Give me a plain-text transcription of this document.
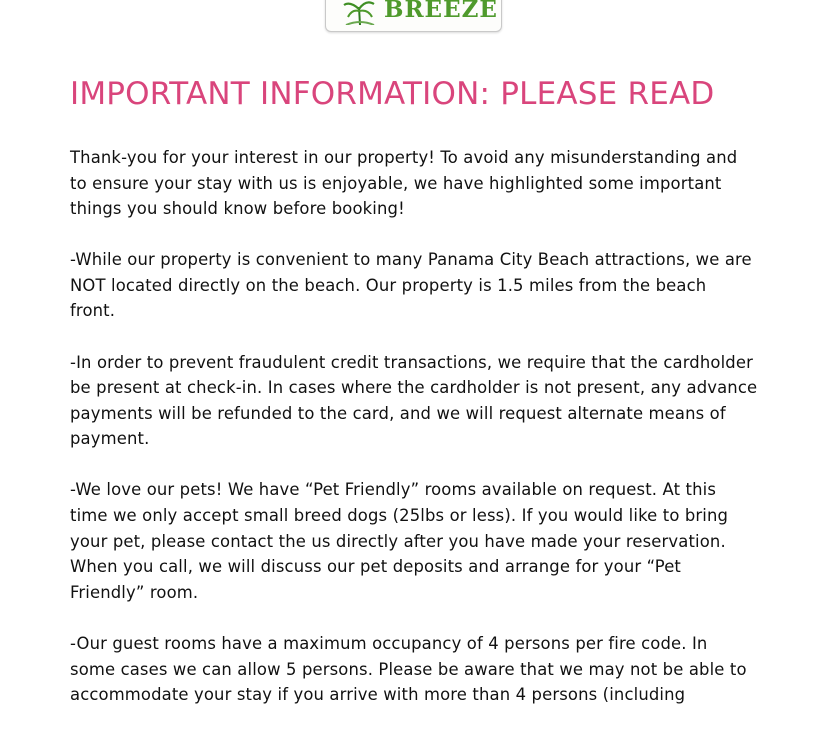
BREEZE
IMPORTANT INFORMATION: PLEASE READ

Thank-you for your interest in our property! To avoid any misunderstanding and
to ensure your stay with us is enjoyable, we have highlighted some important
things you should know before booking!

-While our property is convenient to many Panama City Beach attractions, we are
NOT located directly on the beach. Our property is 1.5 miles from the beach
front.

-In order to prevent fraudulent credit transactions, we require that the cardholder
be present at check-in. In cases where the cardholder is not present, any advance
payments will be refunded to the card, and we will request alternate means of
payment.

-We love our pets! We have “Pet Friendly” rooms available on request. At this
time we only accept small breed dogs (25lbs or less). If you would like to bring
your pet, please contact the us directly after you have made your reservation.
When you call, we will discuss our pet deposits and arrange for your “Pet
Friendly” room.

-Our guest rooms have a maximum occupancy of 4 persons per fire code. In
some cases we can allow 5 persons. Please be aware that we may not be able to
accommodate your stay if you arrive with more than 4 persons (including
